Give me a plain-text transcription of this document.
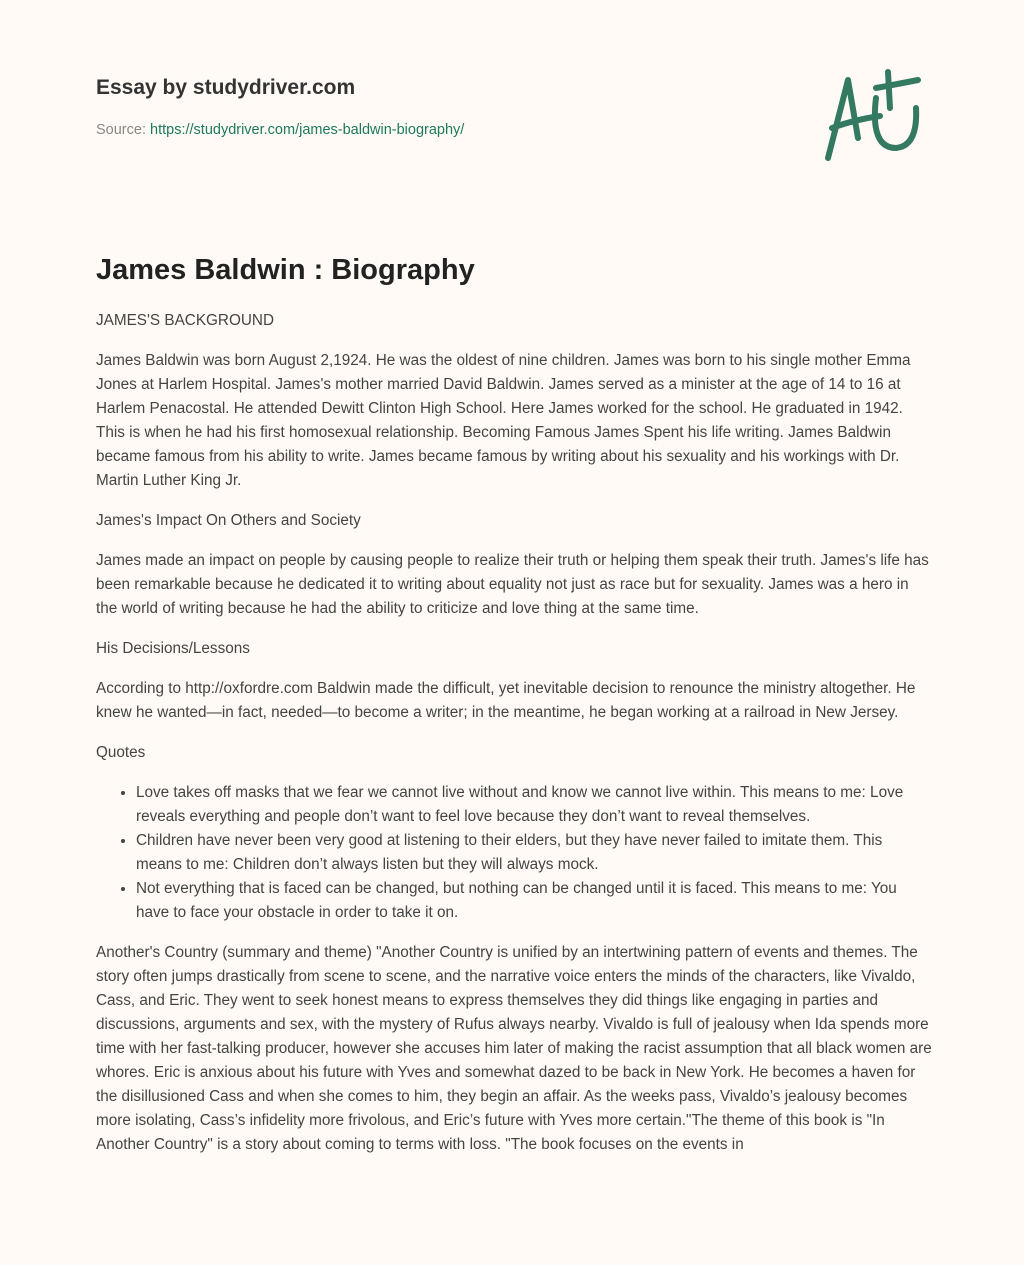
Essay by studydriver.com
Source: https://studydriver.com/james-baldwin-biography/
James Baldwin : Biography

JAMES'S BACKGROUND

James Baldwin was born August 2,1924. He was the oldest of nine children. James was born to his single mother Emma Jones at Harlem Hospital. James's mother married David Baldwin. James served as a minister at the age of 14 to 16 at Harlem Penacostal. He attended Dewitt Clinton High School. Here James worked for the school. He graduated in 1942. This is when he had his first homosexual relationship. Becoming Famous James Spent his life writing. James Baldwin became famous from his ability to write. James became famous by writing about his sexuality and his workings with Dr. Martin Luther King Jr.

James's Impact On Others and Society

James made an impact on people by causing people to realize their truth or helping them speak their truth. James's life has been remarkable because he dedicated it to writing about equality not just as race but for sexuality. James was a hero in the world of writing because he had the ability to criticize and love thing at the same time.

His Decisions/Lessons

According to http://oxfordre.com Baldwin made the difficult, yet inevitable decision to renounce the ministry altogether. He knew he wanted—in fact, needed—to become a writer; in the meantime, he began working at a railroad in New Jersey.

Quotes

• Love takes off masks that we fear we cannot live without and know we cannot live within. This means to me: Love reveals everything and people don’t want to feel love because they don’t want to reveal themselves.
• Children have never been very good at listening to their elders, but they have never failed to imitate them. This means to me: Children don’t always listen but they will always mock.
• Not everything that is faced can be changed, but nothing can be changed until it is faced. This means to me: You have to face your obstacle in order to take it on.

Another's Country (summary and theme) "Another Country is unified by an intertwining pattern of events and themes. The story often jumps drastically from scene to scene, and the narrative voice enters the minds of the characters, like Vivaldo, Cass, and Eric. They went to seek honest means to express themselves they did things like engaging in parties and discussions, arguments and sex, with the mystery of Rufus always nearby. Vivaldo is full of jealousy when Ida spends more time with her fast-talking producer, however she accuses him later of making the racist assumption that all black women are whores. Eric is anxious about his future with Yves and somewhat dazed to be back in New York. He becomes a haven for the disillusioned Cass and when she comes to him, they begin an affair. As the weeks pass, Vivaldo’s jealousy becomes more isolating, Cass’s infidelity more frivolous, and Eric’s future with Yves more certain."The theme of this book is "In Another Country" is a story about coming to terms with loss. "The book focuses on the events in
